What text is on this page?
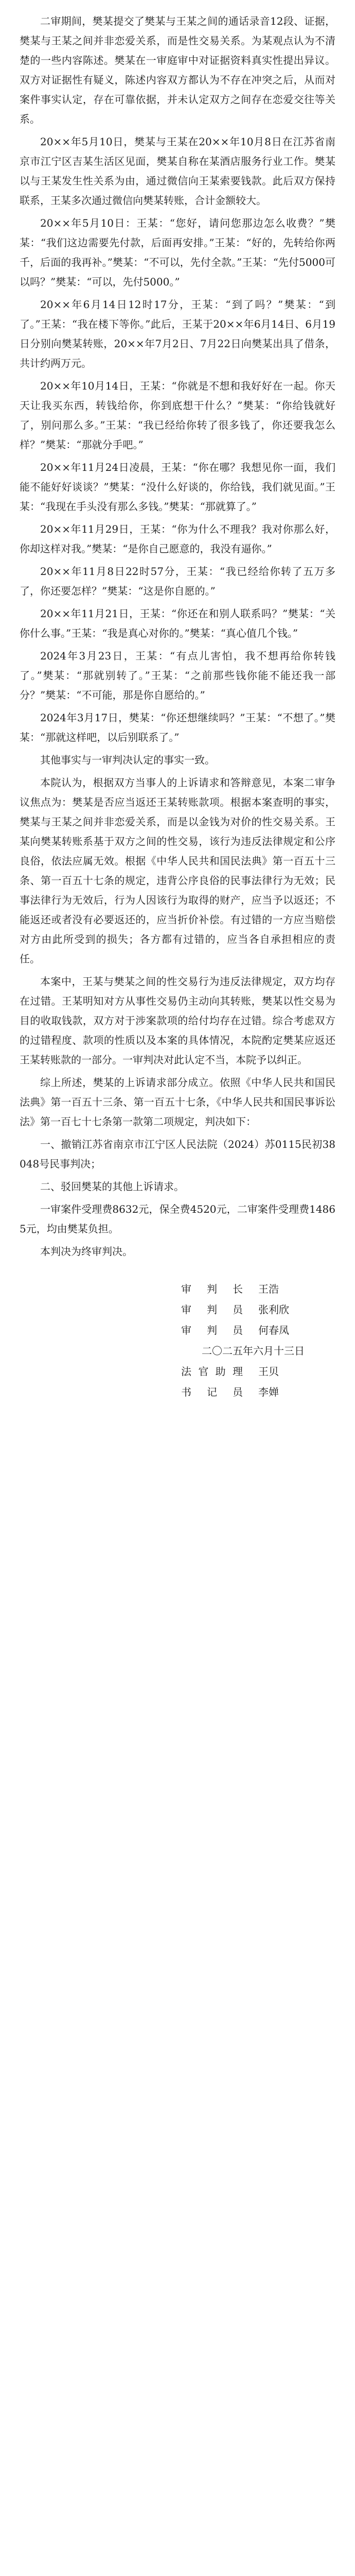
二审期间，樊某提交了樊某与王某之间的通话录音12段、证据，樊某与王某之间并非恋爱关系，而是性交易关系。为某观点认为不清楚的一些内容陈述。樊某在一审庭审中对证据资料真实性提出异议。双方对证据性有疑义，陈述内容双方都认为不存在冲突之后，从而对案件事实认定，存在可靠依据，并未认定双方之间存在恋爱交往等关系。

20××年5月10日，樊某与王某在20××年10月8日在江苏省南京市江宁区吉某生活区见面，樊某自称在某酒店服务行业工作。樊某以与王某发生性关系为由，通过微信向王某索要钱款。此后双方保持联系，王某多次通过微信向樊某转账，合计金额较大。

20××年5月10日：王某：“您好，请问您那边怎么收费？”樊某：“我们这边需要先付款，后面再安排。”王某：“好的，先转给你两千，后面的我再补。”樊某：“不可以，先付全款。”王某：“先付5000可以吗？”樊某：“可以，先付5000。”

20××年6月14日12时17分，王某：“到了吗？”樊某：“到了。”王某：“我在楼下等你。”此后，王某于20××年6月14日、6月19日分别向樊某转账，20××年7月2日、7月22日向樊某出具了借条，共计约两万元。

20××年10月14日，王某：“你就是不想和我好好在一起。你天天让我买东西，转钱给你，你到底想干什么？”樊某：“你给钱就好了，别问那么多。”王某：“我已经给你转了很多钱了，你还要我怎么样？”樊某：“那就分手吧。”

20××年11月24日凌晨，王某：“你在哪？我想见你一面，我们能不能好好谈谈？”樊某：“没什么好谈的，你给钱，我们就见面。”王某：“我现在手头没有那么多钱。”樊某：“那就算了。”

20××年11月29日，王某：“你为什么不理我？我对你那么好，你却这样对我。”樊某：“是你自己愿意的，我没有逼你。”

20××年11月8日22时57分，王某：“我已经给你转了五万多了，你还要怎样？”樊某：“这是你自愿的。”

20××年11月21日，王某：“你还在和别人联系吗？”樊某：“关你什么事。”王某：“我是真心对你的。”樊某：“真心值几个钱。”

2024年3月23日，王某：“有点儿害怕，我不想再给你转钱了。”樊某：“那就别转了。”王某：“之前那些钱你能不能还我一部分？”樊某：“不可能，那是你自愿给的。”

2024年3月17日，樊某：“你还想继续吗？”王某：“不想了。”樊某：“那就这样吧，以后别联系了。”

其他事实与一审判决认定的事实一致。

本院认为，根据双方当事人的上诉请求和答辩意见，本案二审争议焦点为：樊某是否应当返还王某转账款项。根据本案查明的事实，樊某与王某之间并非恋爱关系，而是以金钱为对价的性交易关系。王某向樊某转账系基于双方之间的性交易，该行为违反法律规定和公序良俗，依法应属无效。根据《中华人民共和国民法典》第一百五十三条、第一百五十七条的规定，违背公序良俗的民事法律行为无效；民事法律行为无效后，行为人因该行为取得的财产，应当予以返还；不能返还或者没有必要返还的，应当折价补偿。有过错的一方应当赔偿对方由此所受到的损失；各方都有过错的，应当各自承担相应的责任。

本案中，王某与樊某之间的性交易行为违反法律规定，双方均存在过错。王某明知对方从事性交易仍主动向其转账，樊某以性交易为目的收取钱款，双方对于涉案款项的给付均存在过错。综合考虑双方的过错程度、款项的性质以及本案的具体情况，本院酌定樊某应返还王某转账款的一部分。一审判决对此认定不当，本院予以纠正。

综上所述，樊某的上诉请求部分成立。依照《中华人民共和国民法典》第一百五十三条、第一百五十七条，《中华人民共和国民事诉讼法》第一百七十七条第一款第二项规定，判决如下：

一、撤销江苏省南京市江宁区人民法院（2024）苏0115民初38048号民事判决；

二、驳回樊某的其他上诉请求。

一审案件受理费8632元，保全费4520元，二审案件受理费14865元，均由樊某负担。

本判决为终审判决。

审判长	王浩
审判员	张利欣
审判员	何春凤
二〇二五年六月十三日
法官助理	王贝
书记员	李婵
